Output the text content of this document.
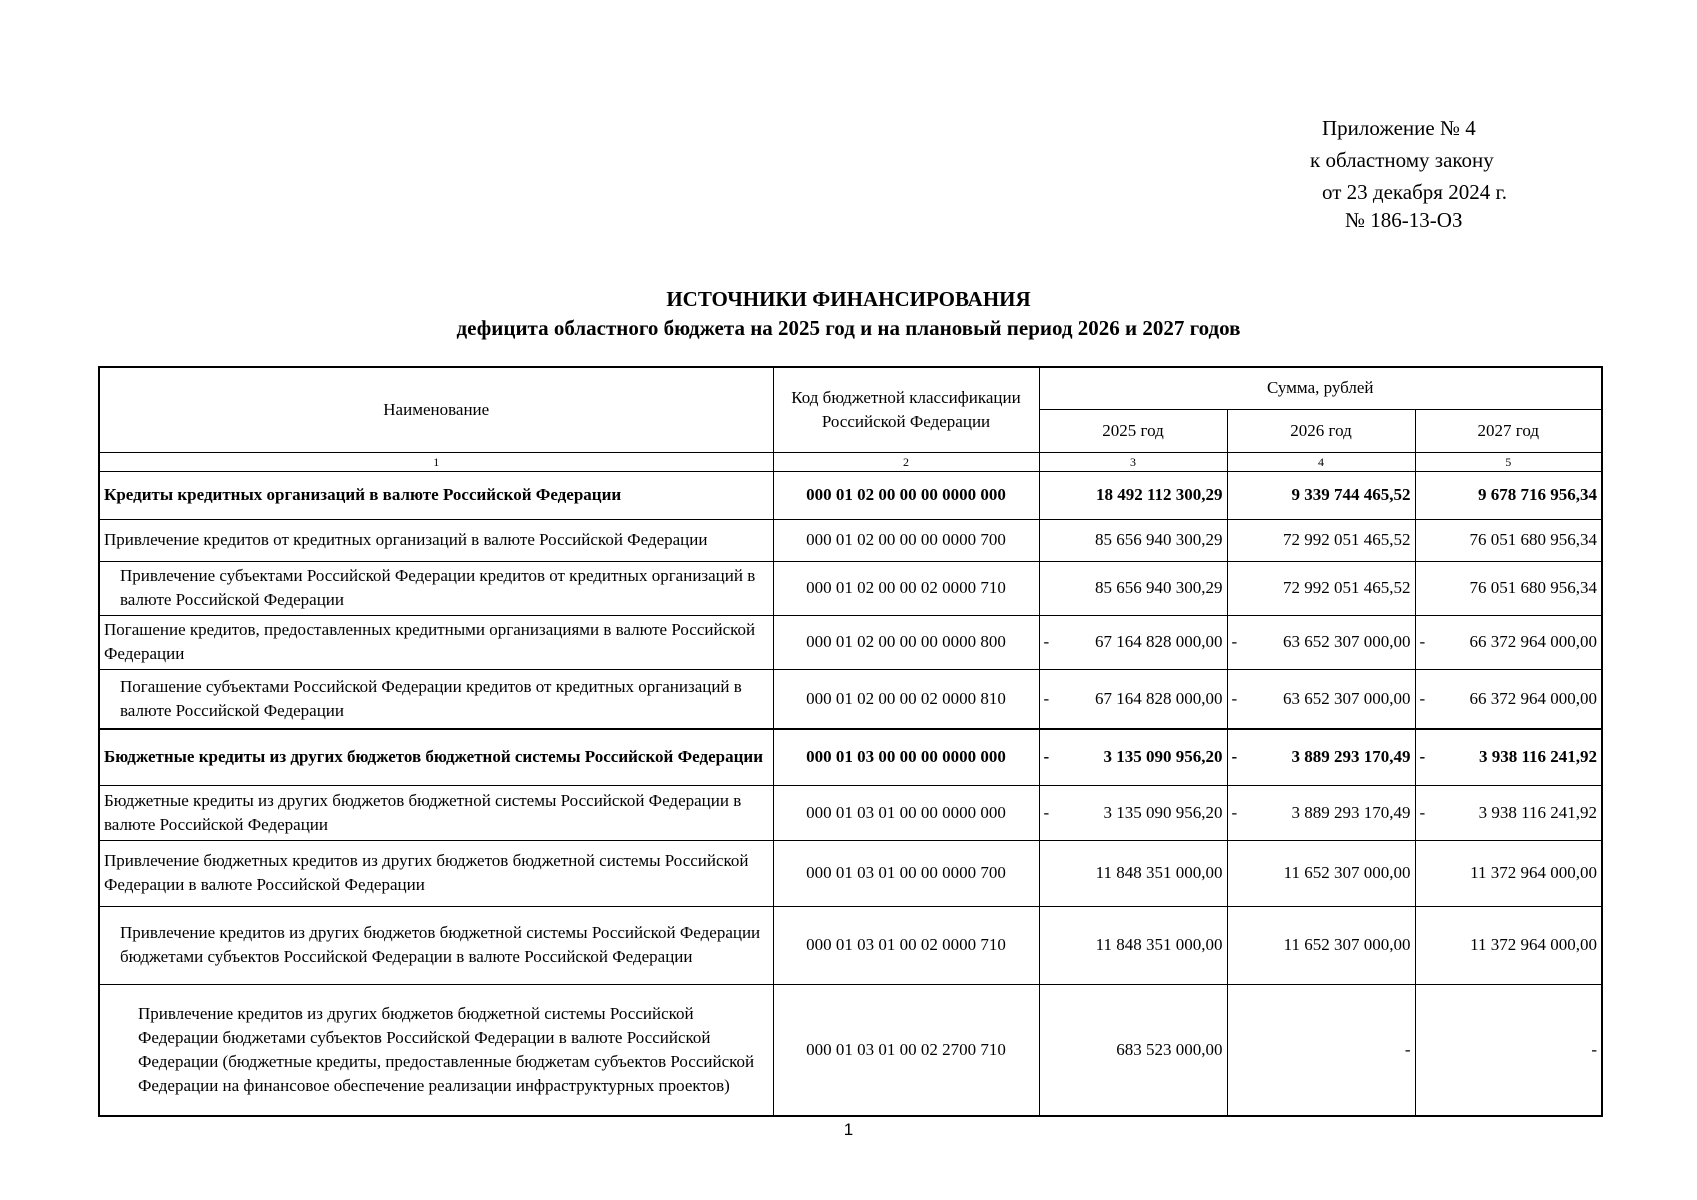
Приложение № 4
к областному закону
от 23 декабря 2024 г.
№ 186-13-ОЗ
ИСТОЧНИКИ ФИНАНСИРОВАНИЯ
дефицита областного бюджета на 2025 год и на плановый период 2026 и 2027 годов
Наименование	Код бюджетной классификации Российской Федерации	Сумма, рублей		
		2025 год	2026 год	2027 год
1	2	3	4	5
Кредиты кредитных организаций в валюте Российской Федерации	000 01 02 00 00 00 0000 000	18 492 112 300,29	9 339 744 465,52	9 678 716 956,34
Привлечение кредитов от кредитных организаций в валюте Российской Федерации	000 01 02 00 00 00 0000 700	85 656 940 300,29	72 992 051 465,52	76 051 680 956,34
Привлечение субъектами Российской Федерации кредитов от кредитных организаций в валюте Российской Федерации	000 01 02 00 00 02 0000 710	85 656 940 300,29	72 992 051 465,52	76 051 680 956,34
Погашение кредитов, предоставленных кредитными организациями в валюте Российской Федерации	000 01 02 00 00 00 0000 800	- 67 164 828 000,00	- 63 652 307 000,00	- 66 372 964 000,00
Погашение субъектами Российской Федерации кредитов от кредитных организаций в валюте Российской Федерации	000 01 02 00 00 02 0000 810	- 67 164 828 000,00	- 63 652 307 000,00	- 66 372 964 000,00
Бюджетные кредиты из других бюджетов бюджетной системы Российской Федерации	000 01 03 00 00 00 0000 000	- 3 135 090 956,20	- 3 889 293 170,49	- 3 938 116 241,92
Бюджетные кредиты из других бюджетов бюджетной системы Российской Федерации в валюте Российской Федерации	000 01 03 01 00 00 0000 000	- 3 135 090 956,20	- 3 889 293 170,49	- 3 938 116 241,92
Привлечение бюджетных кредитов из других бюджетов бюджетной системы Российской Федерации в валюте Российской Федерации	000 01 03 01 00 00 0000 700	11 848 351 000,00	11 652 307 000,00	11 372 964 000,00
Привлечение кредитов из других бюджетов бюджетной системы Российской Федерации бюджетами субъектов Российской Федерации в валюте Российской Федерации	000 01 03 01 00 02 0000 710	11 848 351 000,00	11 652 307 000,00	11 372 964 000,00
Привлечение кредитов из других бюджетов бюджетной системы Российской Федерации бюджетами субъектов Российской Федерации в валюте Российской Федерации (бюджетные кредиты, предоставленные бюджетам субъектов Российской Федерации на финансовое обеспечение реализации инфраструктурных проектов)	000 01 03 01 00 02 2700 710	683 523 000,00	-	-
1
